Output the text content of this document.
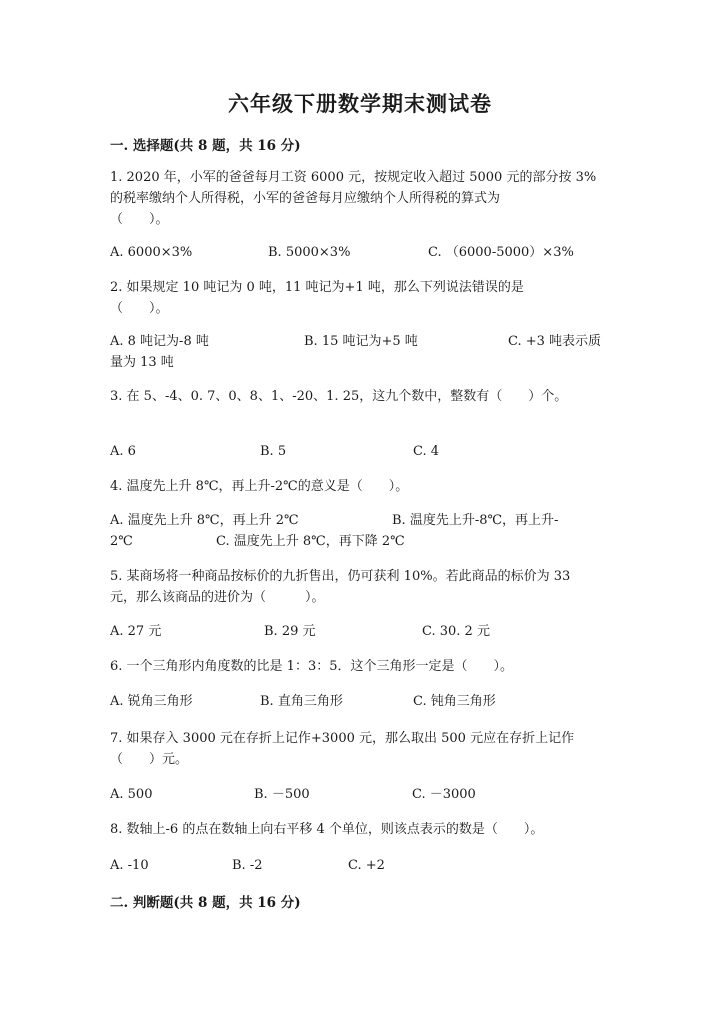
六年级下册数学期末测试卷
一. 选择题(共 8 题，共 16 分)
1. 2020 年，小军的爸爸每月工资 6000 元，按规定收入超过 5000 元的部分按 3%
的税率缴纳个人所得税，小军的爸爸每月应缴纳个人所得税的算式为
（　　）。
A. 6000×3%	B. 5000×3%	C. （6000-5000）×3%
2. 如果规定 10 吨记为 0 吨，11 吨记为+1 吨，那么下列说法错误的是
（　　）。
A. 8 吨记为-8 吨	B. 15 吨记为+5 吨	C. +3 吨表示质
量为 13 吨
3. 在 5、-4、0. 7、0、8、1、-20、1. 25，这九个数中，整数有（　　）个。
A. 6	B. 5	C. 4
4. 温度先上升 8℃，再上升-2℃的意义是（　　）。
A. 温度先上升 8℃，再上升 2℃	B. 温度先上升-8℃，再上升-
2℃	C. 温度先上升 8℃，再下降 2℃
5. 某商场将一种商品按标价的九折售出，仍可获利 10%。若此商品的标价为 33
元，那么该商品的进价为（　　　）。
A. 27 元	B. 29 元	C. 30. 2 元
6. 一个三角形内角度数的比是 1：3：5．这个三角形一定是（　　）。
A. 锐角三角形	B. 直角三角形	C. 钝角三角形
7. 如果存入 3000 元在存折上记作+3000 元，那么取出 500 元应在存折上记作
（　　）元。
A. 500	B. －500	C. －3000
8. 数轴上-6 的点在数轴上向右平移 4 个单位，则该点表示的数是（　　）。
A. -10	B. -2	C. +2
二. 判断题(共 8 题，共 16 分)
